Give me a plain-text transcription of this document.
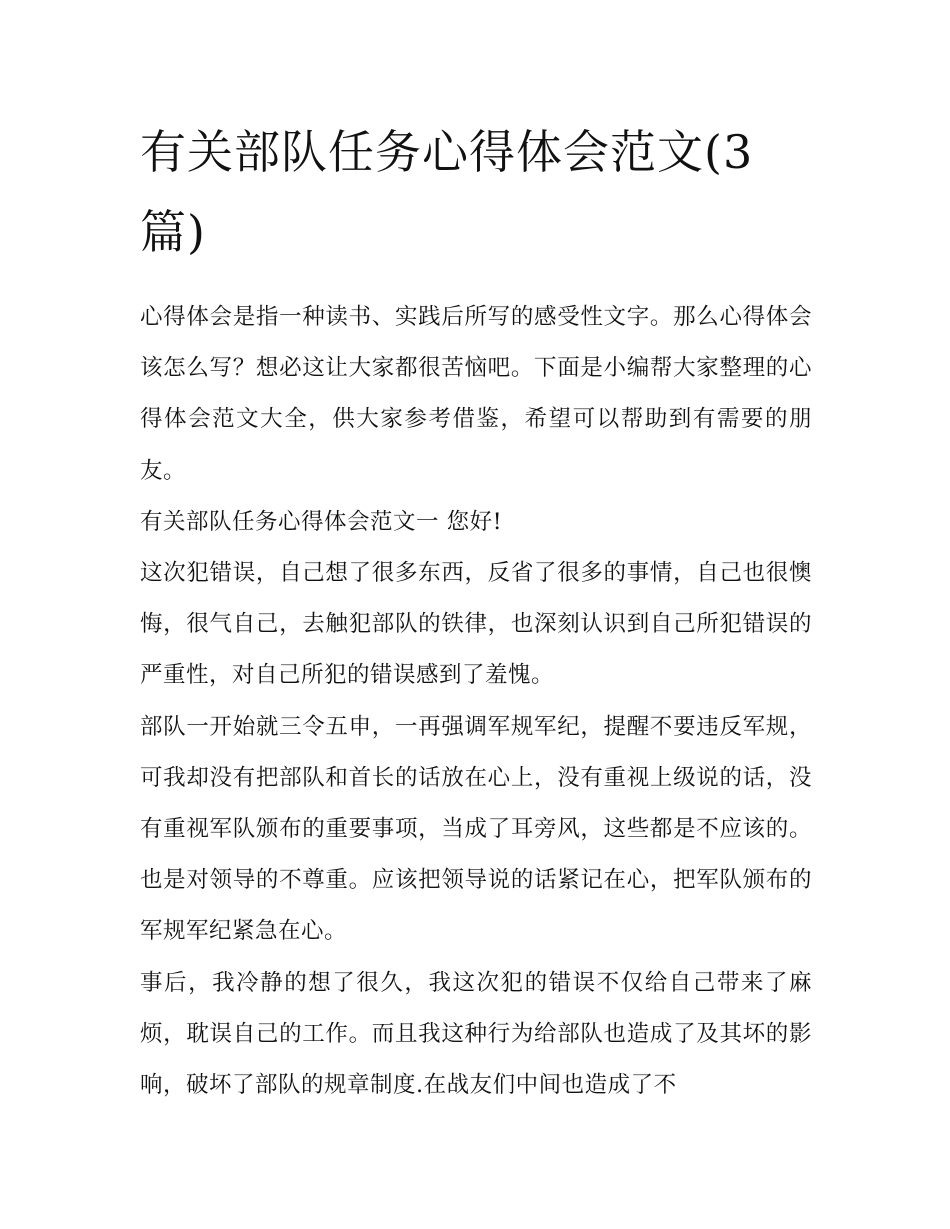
有关部队任务心得体会范文(3篇)

心得体会是指一种读书、实践后所写的感受性文字。那么心得体会该怎么写？想必这让大家都很苦恼吧。下面是小编帮大家整理的心得体会范文大全，供大家参考借鉴，希望可以帮助到有需要的朋友。

有关部队任务心得体会范文一 您好!

这次犯错误，自己想了很多东西，反省了很多的事情，自己也很懊悔，很气自己，去触犯部队的铁律，也深刻认识到自己所犯错误的严重性，对自己所犯的错误感到了羞愧。

部队一开始就三令五申，一再强调军规军纪，提醒不要违反军规，可我却没有把部队和首长的话放在心上，没有重视上级说的话，没有重视军队颁布的重要事项，当成了耳旁风，这些都是不应该的。也是对领导的不尊重。应该把领导说的话紧记在心，把军队颁布的军规军纪紧急在心。

事后，我冷静的想了很久，我这次犯的错误不仅给自己带来了麻烦，耽误自己的工作。而且我这种行为给部队也造成了及其坏的影响，破坏了部队的规章制度.在战友们中间也造成了不
